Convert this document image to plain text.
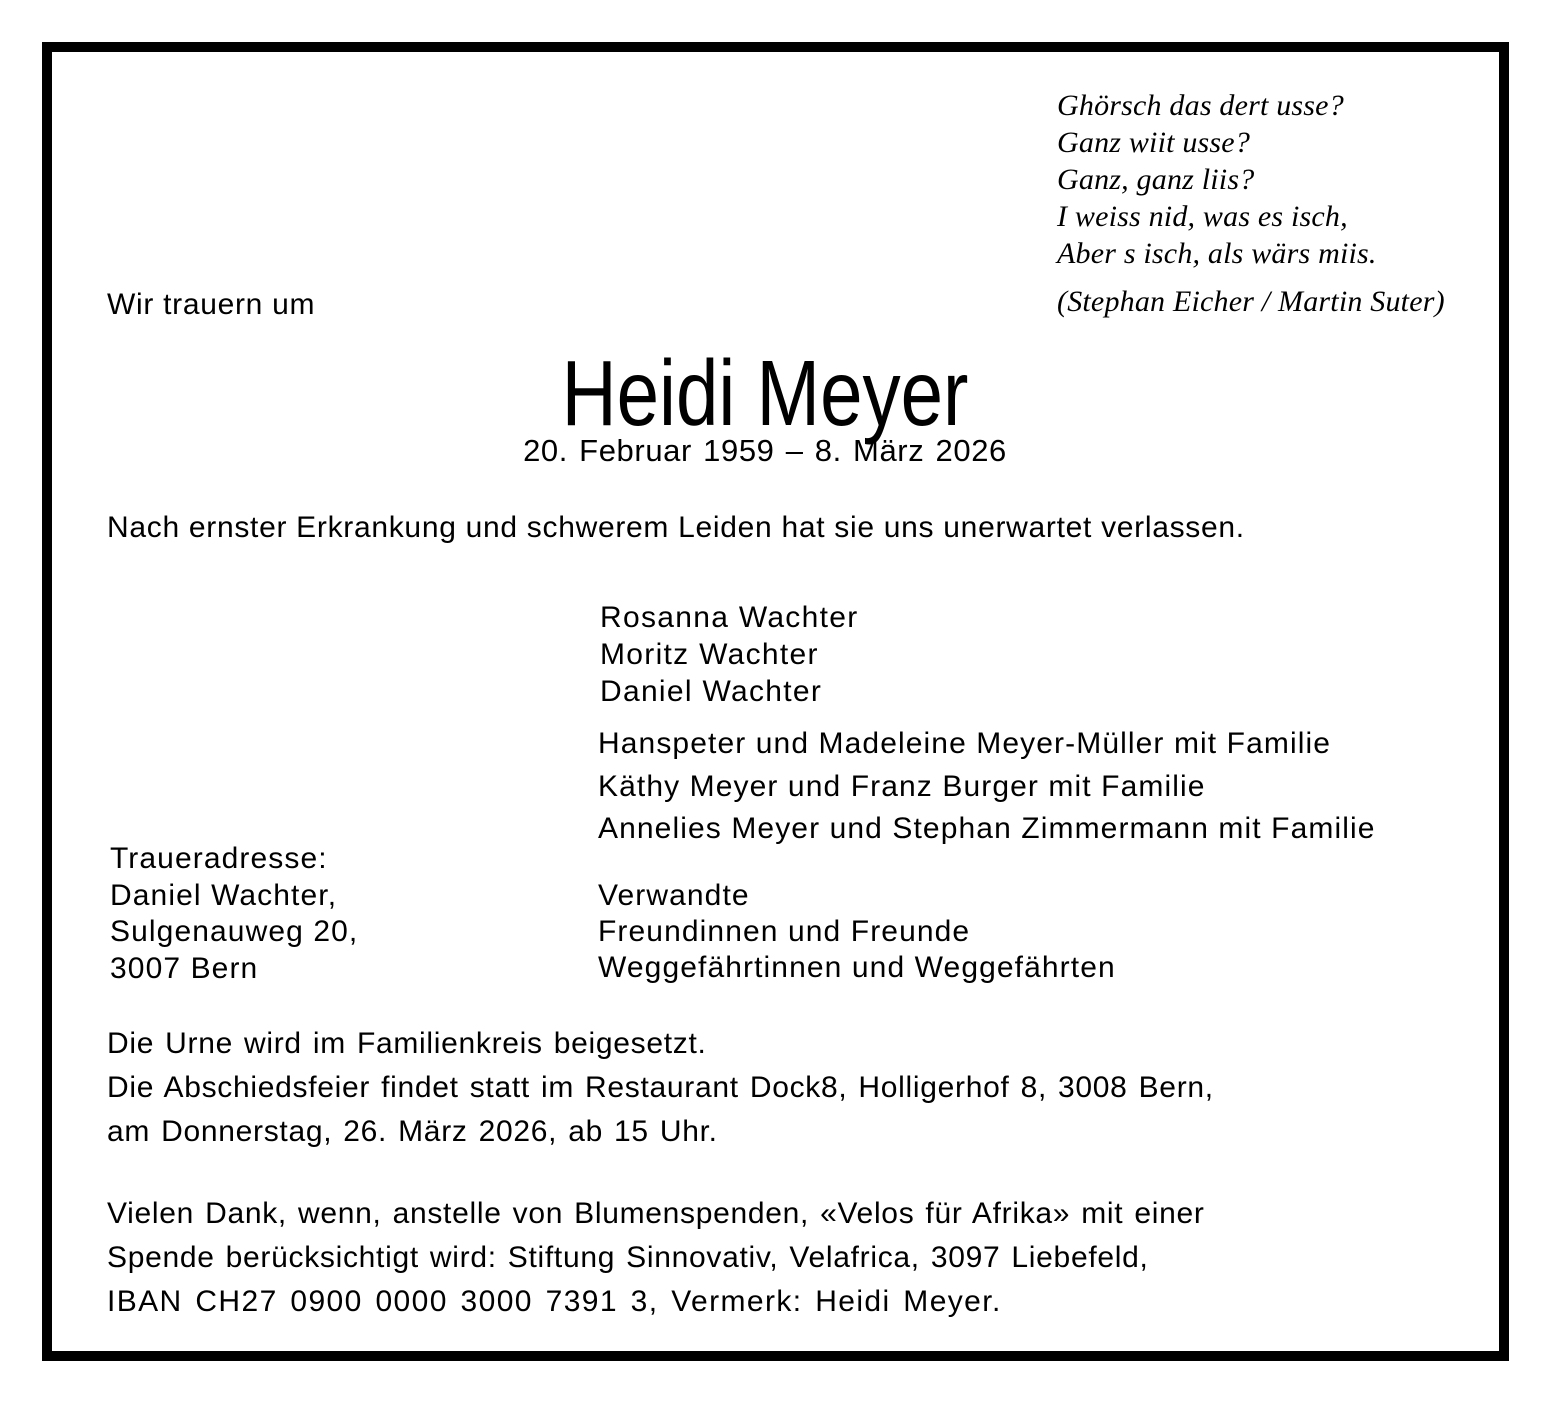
Ghörsch das dert usse?
Ganz wiit usse?
Ganz, ganz liis?
I weiss nid, was es isch,
Aber s isch, als wärs miis.
(Stephan Eicher / Martin Suter)
Wir trauern um
Heidi Meyer
20. Februar 1959 – 8. März 2026
Nach ernster Erkrankung und schwerem Leiden hat sie uns unerwartet verlassen.
Rosanna Wachter
Moritz Wachter
Daniel Wachter
Hanspeter und Madeleine Meyer-Müller mit Familie
Käthy Meyer und Franz Burger mit Familie
Annelies Meyer und Stephan Zimmermann mit Familie
Verwandte
Freundinnen und Freunde
Weggefährtinnen und Weggefährten
Traueradresse:
Daniel Wachter,
Sulgenauweg 20,
3007 Bern
Die Urne wird im Familienkreis beigesetzt.
Die Abschiedsfeier findet statt im Restaurant Dock8, Holligerhof 8, 3008 Bern,
am Donnerstag, 26. März 2026, ab 15 Uhr.
Vielen Dank, wenn, anstelle von Blumenspenden, «Velos für Afrika» mit einer
Spende berücksichtigt wird: Stiftung Sinnovativ, Velafrica, 3097 Liebefeld,
IBAN CH27 0900 0000 3000 7391 3, Vermerk: Heidi Meyer.
